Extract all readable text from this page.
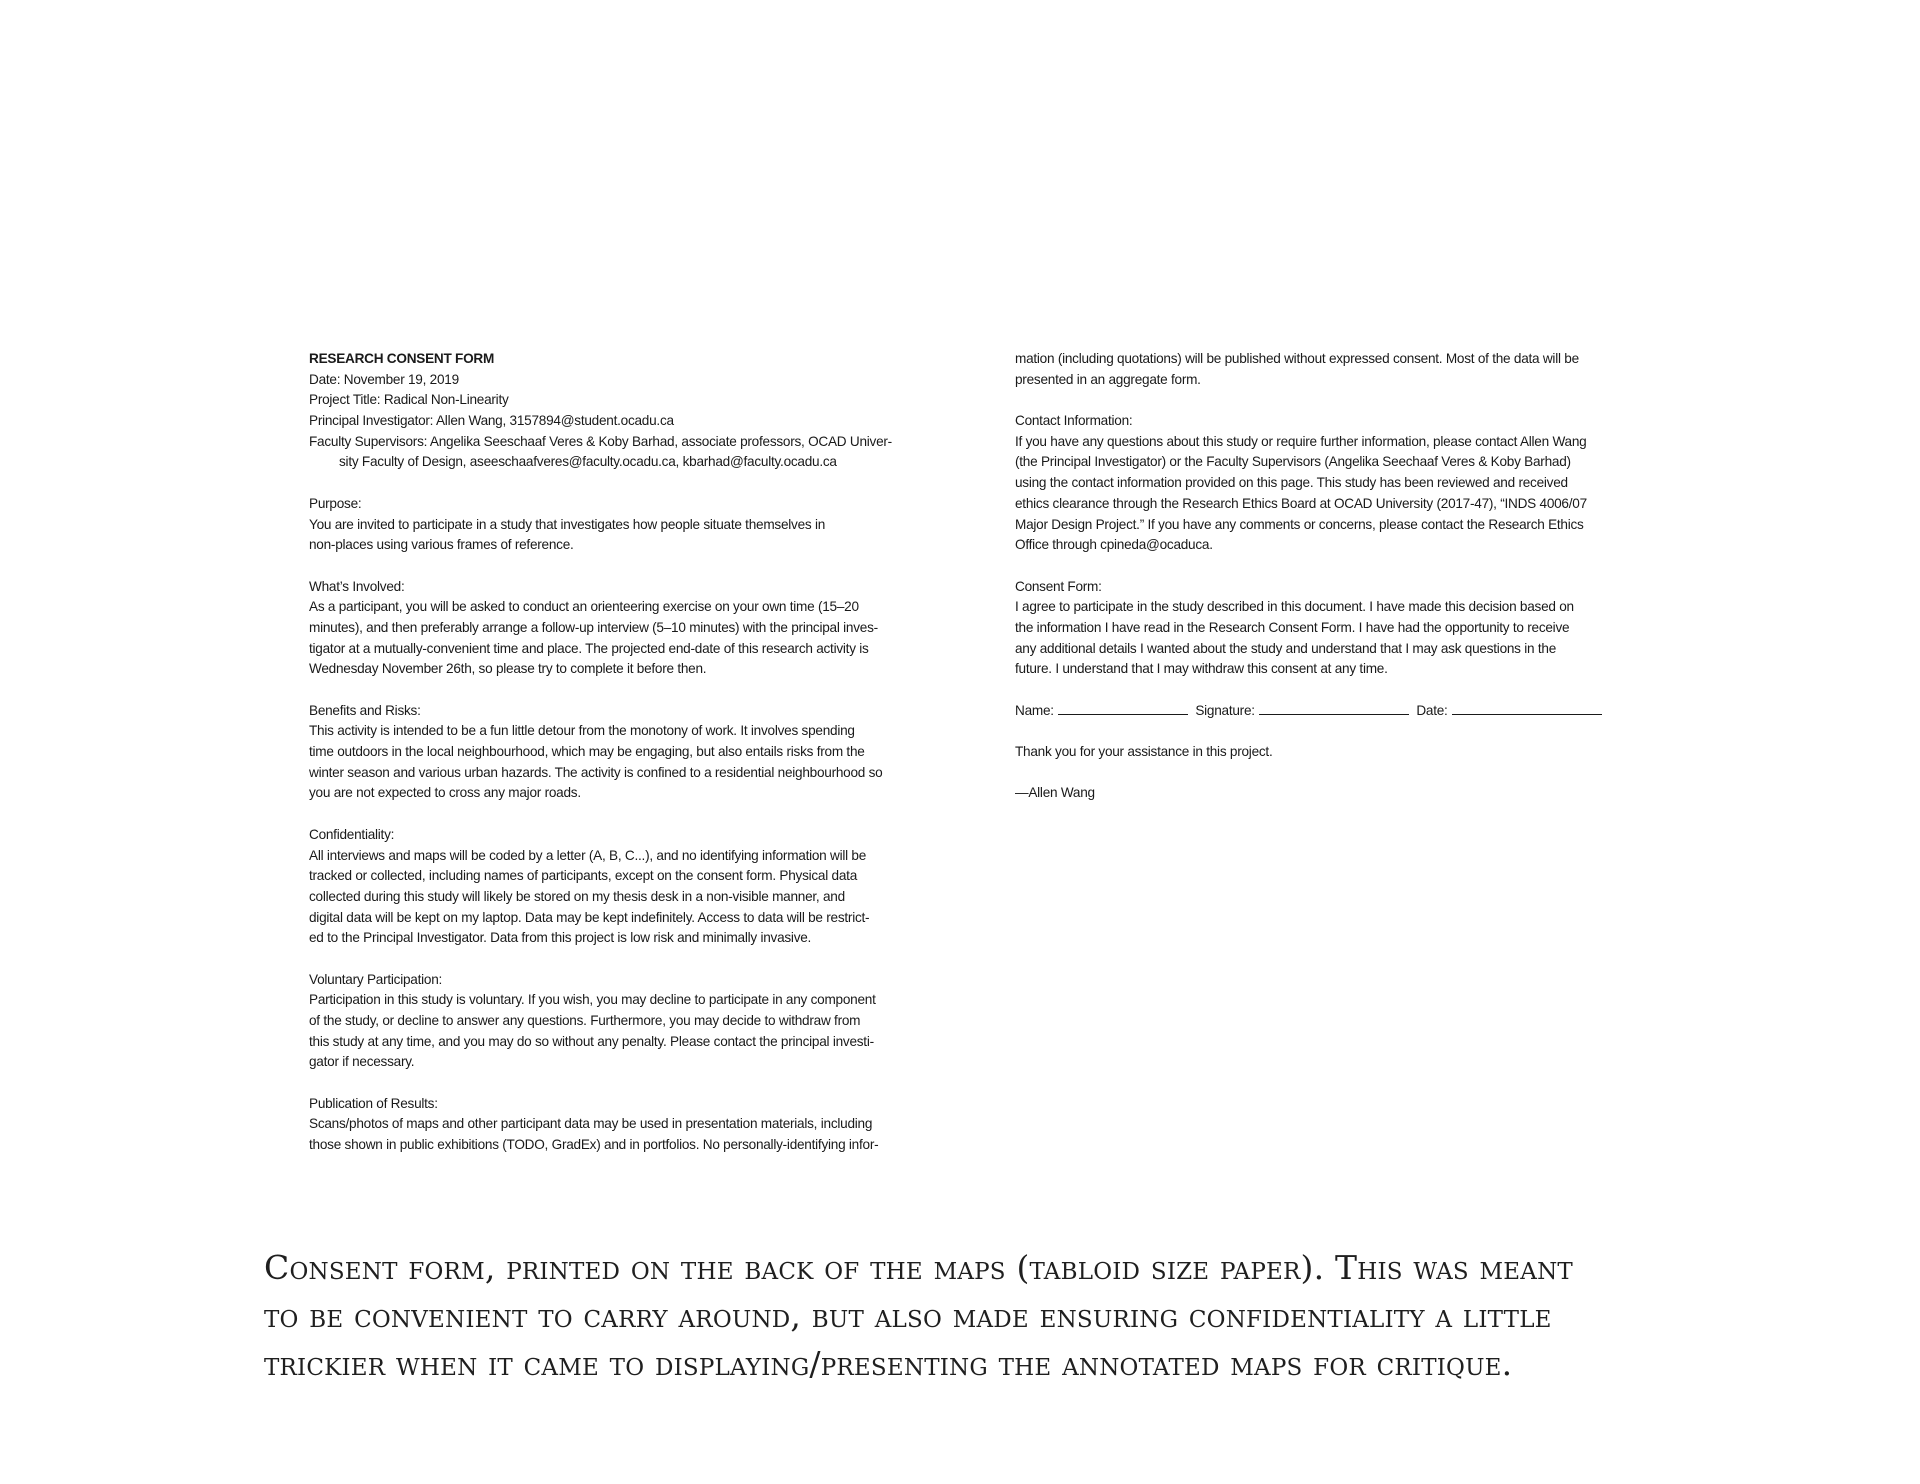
RESEARCH CONSENT FORM
Date: November 19, 2019
Project Title: Radical Non-Linearity
Principal Investigator: Allen Wang, 3157894@student.ocadu.ca
Faculty Supervisors: Angelika Seeschaaf Veres & Koby Barhad, associate professors, OCAD Univer-
sity Faculty of Design, aseeschaafveres@faculty.ocadu.ca, kbarhad@faculty.ocadu.ca
Purpose:
You are invited to participate in a study that investigates how people situate themselves in
non-places using various frames of reference.
What’s Involved:
As a participant, you will be asked to conduct an orienteering exercise on your own time (15–20
minutes), and then preferably arrange a follow-up interview (5–10 minutes) with the principal inves-
tigator at a mutually-convenient time and place. The projected end-date of this research activity is
Wednesday November 26th, so please try to complete it before then.
Benefits and Risks:
This activity is intended to be a fun little detour from the monotony of work. It involves spending
time outdoors in the local neighbourhood, which may be engaging, but also entails risks from the
winter season and various urban hazards. The activity is confined to a residential neighbourhood so
you are not expected to cross any major roads.
Confidentiality:
All interviews and maps will be coded by a letter (A, B, C...), and no identifying information will be
tracked or collected, including names of participants, except on the consent form. Physical data
collected during this study will likely be stored on my thesis desk in a non-visible manner, and
digital data will be kept on my laptop. Data may be kept indefinitely. Access to data will be restrict-
ed to the Principal Investigator. Data from this project is low risk and minimally invasive.
Voluntary Participation:
Participation in this study is voluntary. If you wish, you may decline to participate in any component
of the study, or decline to answer any questions. Furthermore, you may decide to withdraw from
this study at any time, and you may do so without any penalty. Please contact the principal investi-
gator if necessary.
Publication of Results:
Scans/photos of maps and other participant data may be used in presentation materials, including
those shown in public exhibitions (TODO, GradEx) and in portfolios. No personally-identifying infor-
mation (including quotations) will be published without expressed consent. Most of the data will be
presented in an aggregate form.
Contact Information:
If you have any questions about this study or require further information, please contact Allen Wang
(the Principal Investigator) or the Faculty Supervisors (Angelika Seechaaf Veres & Koby Barhad)
using the contact information provided on this page. This study has been reviewed and received
ethics clearance through the Research Ethics Board at OCAD University (2017-47), “INDS 4006/07
Major Design Project.” If you have any comments or concerns, please contact the Research Ethics
Office through cpineda@ocaduca.
Consent Form:
I agree to participate in the study described in this document. I have made this decision based on
the information I have read in the Research Consent Form. I have had the opportunity to receive
any additional details I wanted about the study and understand that I may ask questions in the
future. I understand that I may withdraw this consent at any time.
Name:	Signature:	Date:
Thank you for your assistance in this project.
—Allen Wang
Consent form, printed on the back of the maps (tabloid size paper). This was meant
to be convenient to carry around, but also made ensuring confidentiality a little
trickier when it came to displaying/presenting the annotated maps for critique.
